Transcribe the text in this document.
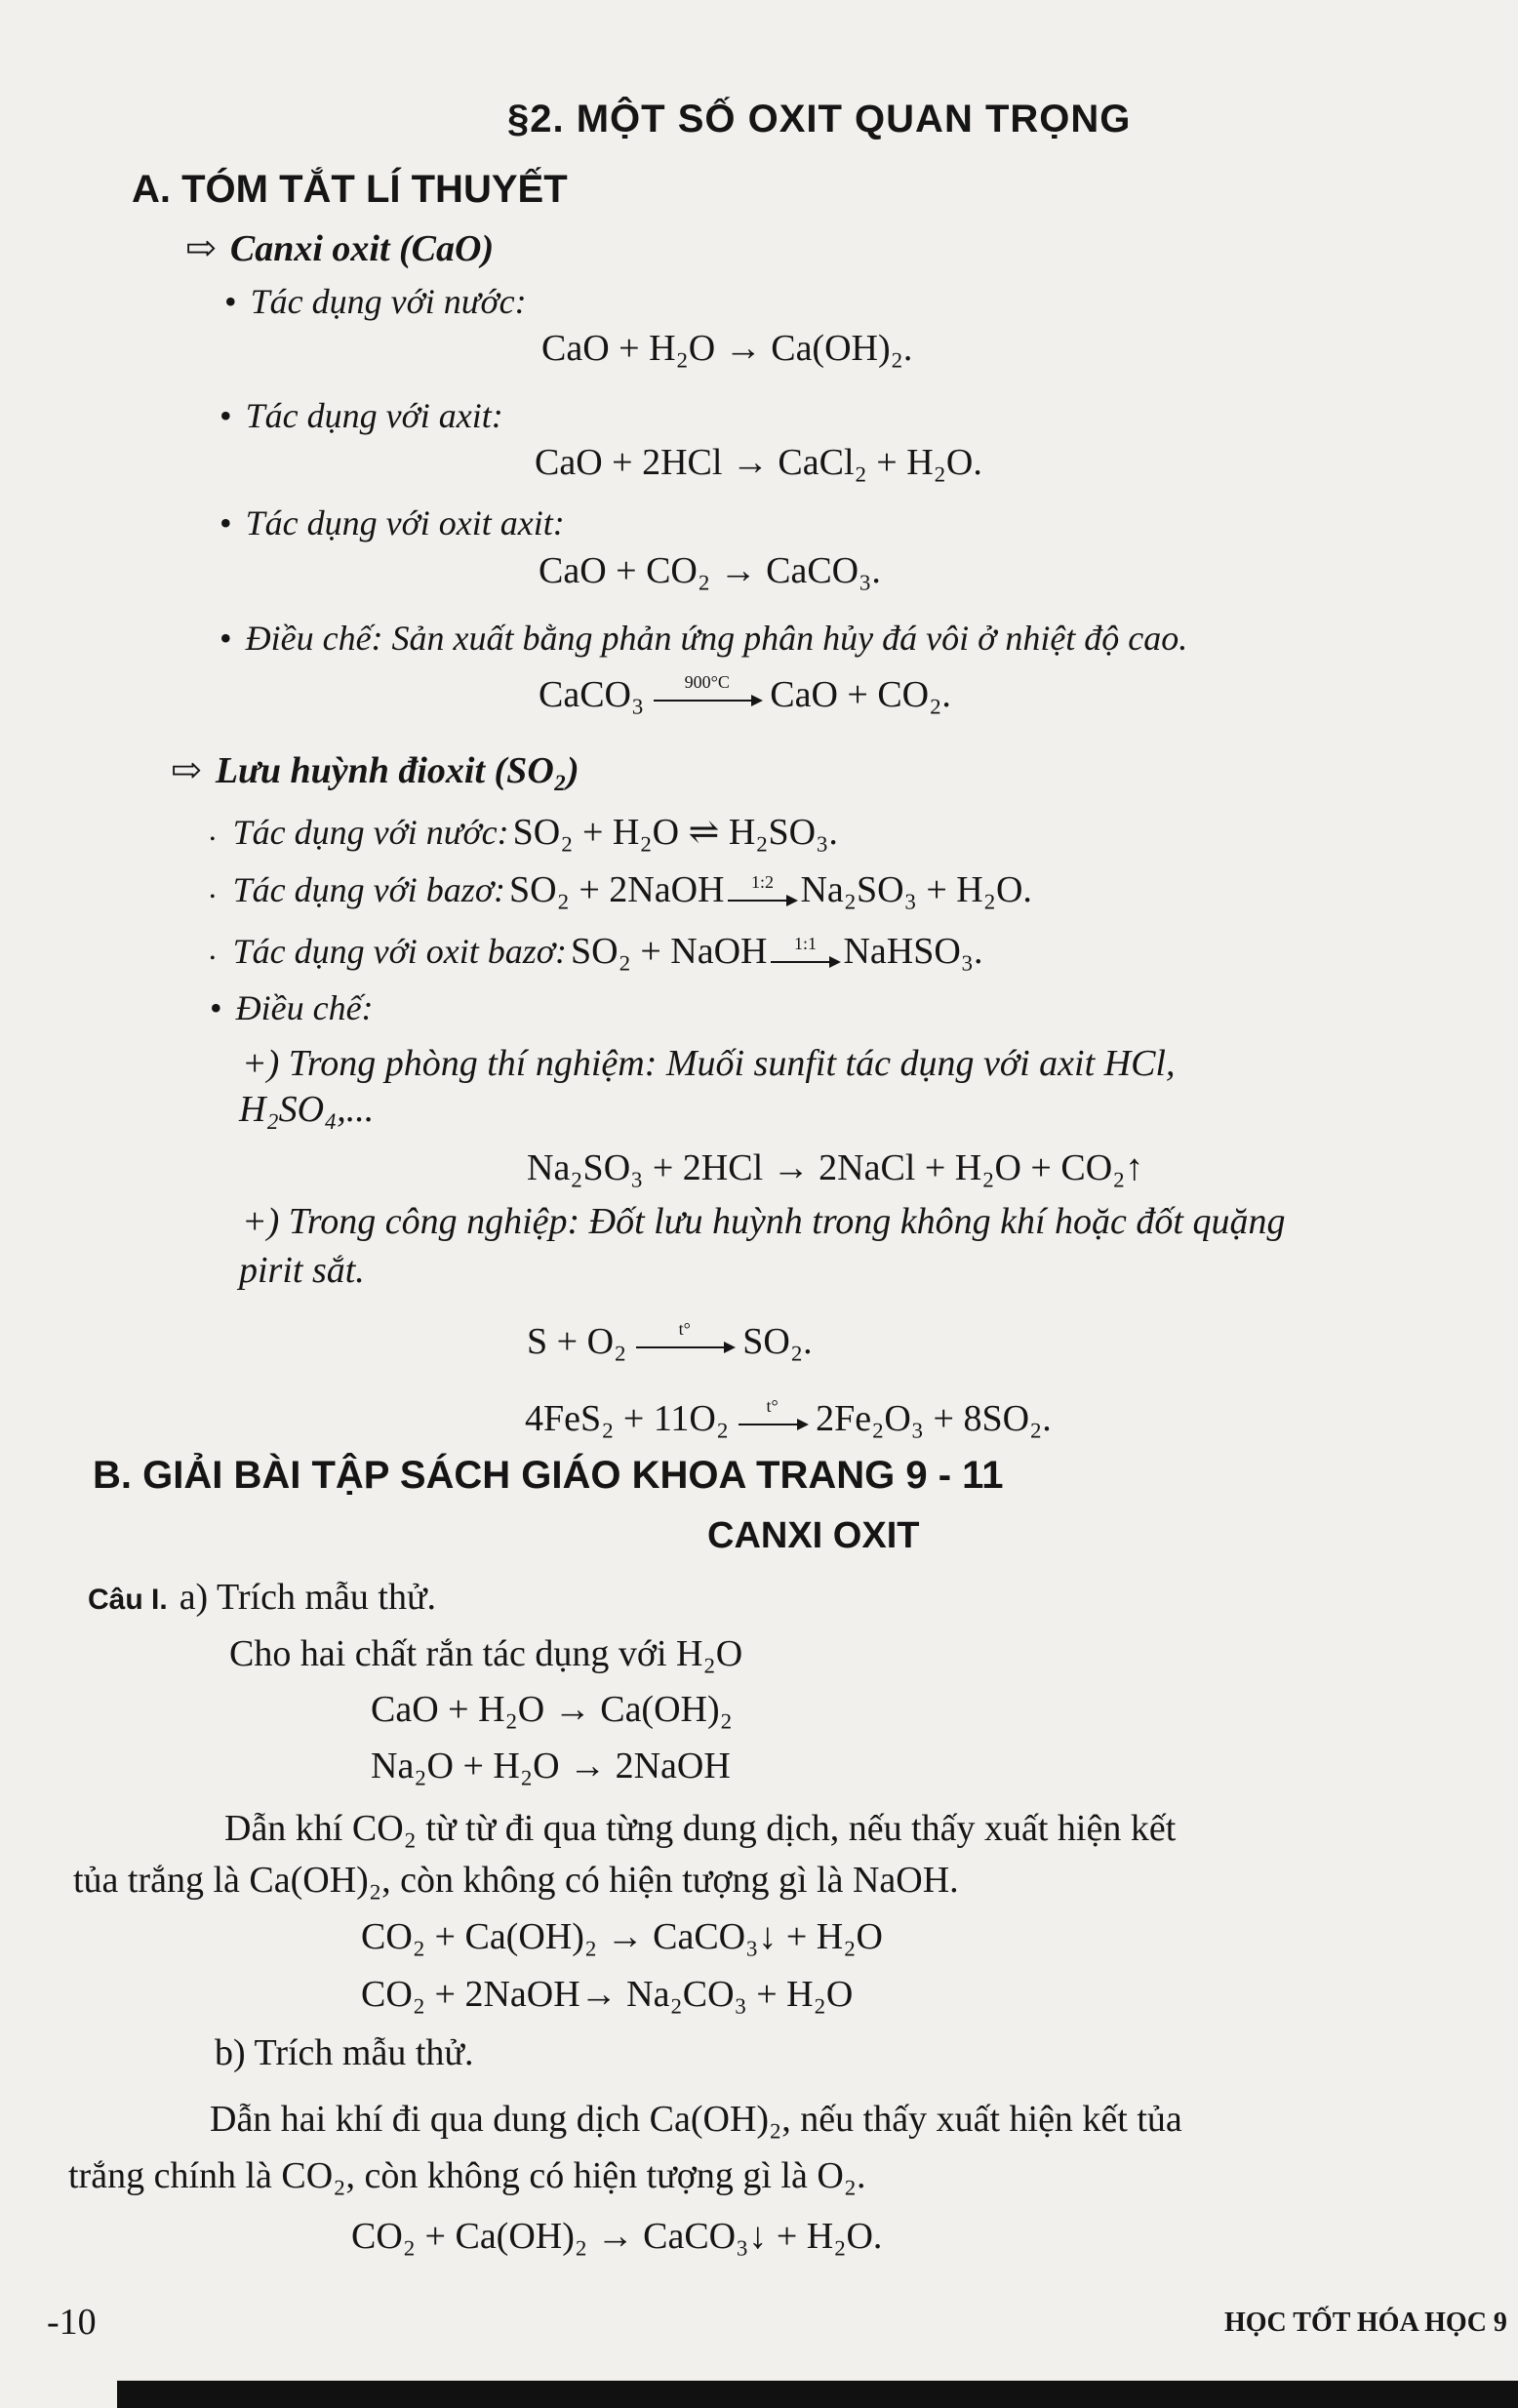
§2. MỘT SỐ OXIT QUAN TRỌNG
A. TÓM TẮT LÍ THUYẾT
⇨ Canxi oxit (CaO)
• Tác dụng với nước:
CaO + H₂O → Ca(OH)₂.
• Tác dụng với axit:
CaO + 2HCl → CaCl₂ + H₂O.
• Tác dụng với oxit axit:
CaO + CO₂ → CaCO₃.
• Điều chế: Sản xuất bằng phản ứng phân hủy đá vôi ở nhiệt độ cao.
CaCO₃	900°C	CaO + CO₂.
⇨ Lưu huỳnh đioxit (SO₂)
• Tác dụng với nước: SO₂ + H₂O ⇌ H₂SO₃.
• Tác dụng với bazơ: SO₂ + 2NaOH	1:2 Na₂SO₃ + H₂O.
• Tác dụng với oxit bazơ: SO₂ + NaOH	1:1 NaHSO₃.
• Điều chế:
+) Trong phòng thí nghiệm: Muối sunfit tác dụng với axit HCl,
H₂SO₄,...
Na₂SO₃ + 2HCl → 2NaCl + H₂O + CO₂↑
+) Trong công nghiệp: Đốt lưu huỳnh trong không khí hoặc đốt quặng
pirit sắt.
S + O₂	t°	SO₂.
4FeS₂ + 11O₂	t°	2Fe₂O₃ + 8SO₂.
B. GIẢI BÀI TẬP SÁCH GIÁO KHOA TRANG 9 - 11
CANXI OXIT
Câu I. a) Trích mẫu thử.
Cho hai chất rắn tác dụng với H₂O
CaO + H₂O → Ca(OH)₂
Na₂O + H₂O → 2NaOH
Dẫn khí CO₂ từ từ đi qua từng dung dịch, nếu thấy xuất hiện kết
tủa trắng là Ca(OH)₂, còn không có hiện tượng gì là NaOH.
CO₂ + Ca(OH)₂ → CaCO₃↓ + H₂O
CO₂ + 2NaOH→ Na₂CO₃ + H₂O
b) Trích mẫu thử.
Dẫn hai khí đi qua dung dịch Ca(OH)₂, nếu thấy xuất hiện kết tủa
trắng chính là CO₂, còn không có hiện tượng gì là O₂.
CO₂ + Ca(OH)₂ → CaCO₃↓ + H₂O.
-10	HỌC TỐT HÓA HỌC 9
